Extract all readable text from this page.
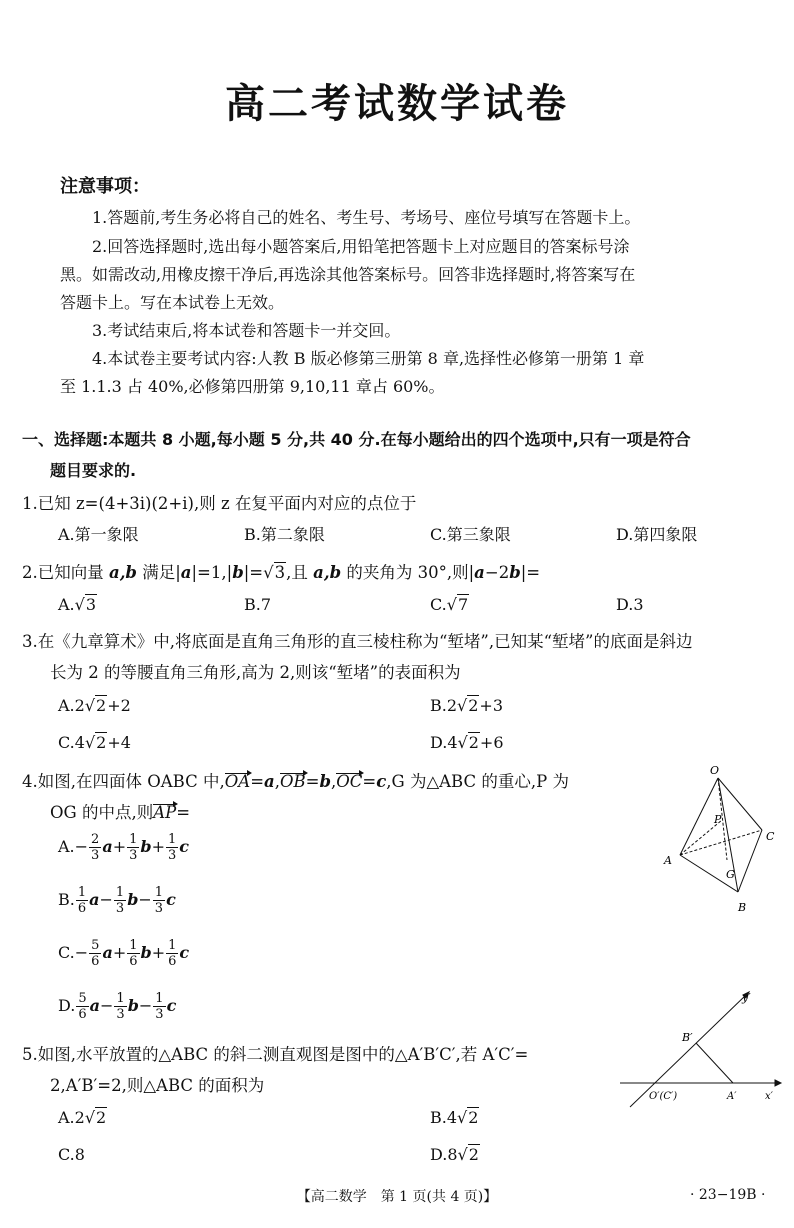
高二考试数学试卷
注意事项：
1.答题前,考生务必将自己的姓名、考生号、考场号、座位号填写在答题卡上。
2.回答选择题时,选出每小题答案后,用铅笔把答题卡上对应题目的答案标号涂
黑。如需改动,用橡皮擦干净后,再选涂其他答案标号。回答非选择题时,将答案写在
答题卡上。写在本试卷上无效。
3.考试结束后,将本试卷和答题卡一并交回。
4.本试卷主要考试内容:人教 B 版必修第三册第 8 章,选择性必修第一册第 1 章
至 1.1.3 占 40%,必修第四册第 9,10,11 章占 60%。
一、选择题:本题共 8 小题,每小题 5 分,共 40 分.在每小题给出的四个选项中,只有一项是符合
题目要求的.
1.已知 z=(4+3i)(2+i),则 z 在复平面内对应的点位于
A.第一象限	B.第二象限	C.第三象限	D.第四象限
2.已知向量 a,b 满足|a|=1,|b|=√3,且 a,b 的夹角为 30°,则|a−2b|=
A.√3	B.7	C.√7	D.3
3.在《九章算术》中,将底面是直角三角形的直三棱柱称为“堑堵”,已知某“堑堵”的底面是斜边
长为 2 的等腰直角三角形,高为 2,则该“堑堵”的表面积为
A.2√2+2	B.2√2+3
C.4√2+4	D.4√2+6
4.如图,在四面体 OABC 中,OA=a,OB=b,OC=c,G 为△ABC 的重心,P 为
OG 的中点,则AP=
$A.- \frac{2}{3} a+ \frac{1}{3} b+ \frac{1}{3}$ c
B. $\frac{1}{6} a- \frac{1}{3} b- \frac{1}{3}$ c
$C.- \frac{5}{6} a+ \frac{1}{6} b+ \frac{1}{6}$ c
D. $\frac{5}{6} a- \frac{1}{3} b- \frac{1}{3}$ c
O
P
C
A
G
B
5.如图,水平放置的△ABC 的斜二测直观图是图中的△A′B′C′,若 A′C′=
2,A′B′=2,则△ABC 的面积为
A.2√2	B.4√2
C.8	D.8√2
y′
B′
O′(C′)	A′	x′
【高二数学　第 1 页(共 4 页)】	· 23−19B ·
